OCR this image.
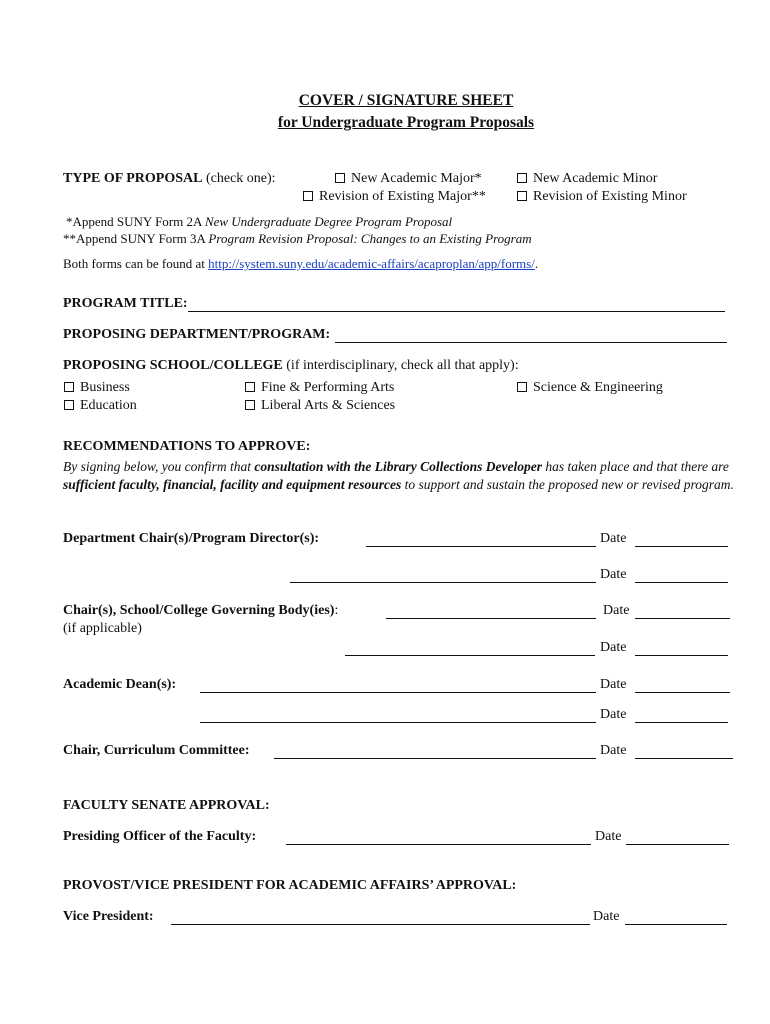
COVER / SIGNATURE SHEET
for Undergraduate Program Proposals
TYPE OF PROPOSAL (check one):	New Academic Major*	New Academic Minor
Revision of Existing Major**	Revision of Existing Minor
*Append SUNY Form 2A New Undergraduate Degree Program Proposal
**Append SUNY Form 3A Program Revision Proposal: Changes to an Existing Program
Both forms can be found at http://system.suny.edu/academic-affairs/acaproplan/app/forms/.
PROGRAM TITLE:
PROPOSING DEPARTMENT/PROGRAM:
PROPOSING SCHOOL/COLLEGE (if interdisciplinary, check all that apply):
Business	Fine & Performing Arts	Science & Engineering
Education	Liberal Arts & Sciences
RECOMMENDATIONS TO APPROVE:
By signing below, you confirm that consultation with the Library Collections Developer has taken place and that there are sufficient faculty, financial, facility and equipment resources to support and sustain the proposed new or revised program.
Department Chair(s)/Program Director(s):	Date
Date
Chair(s), School/College Governing Body(ies):
(if applicable)
Date
Date
Academic Dean(s):	Date
Date
Chair, Curriculum Committee:	Date
FACULTY SENATE APPROVAL:
Presiding Officer of the Faculty:	Date
PROVOST/VICE PRESIDENT FOR ACADEMIC AFFAIRS’ APPROVAL:
Vice President:	Date
